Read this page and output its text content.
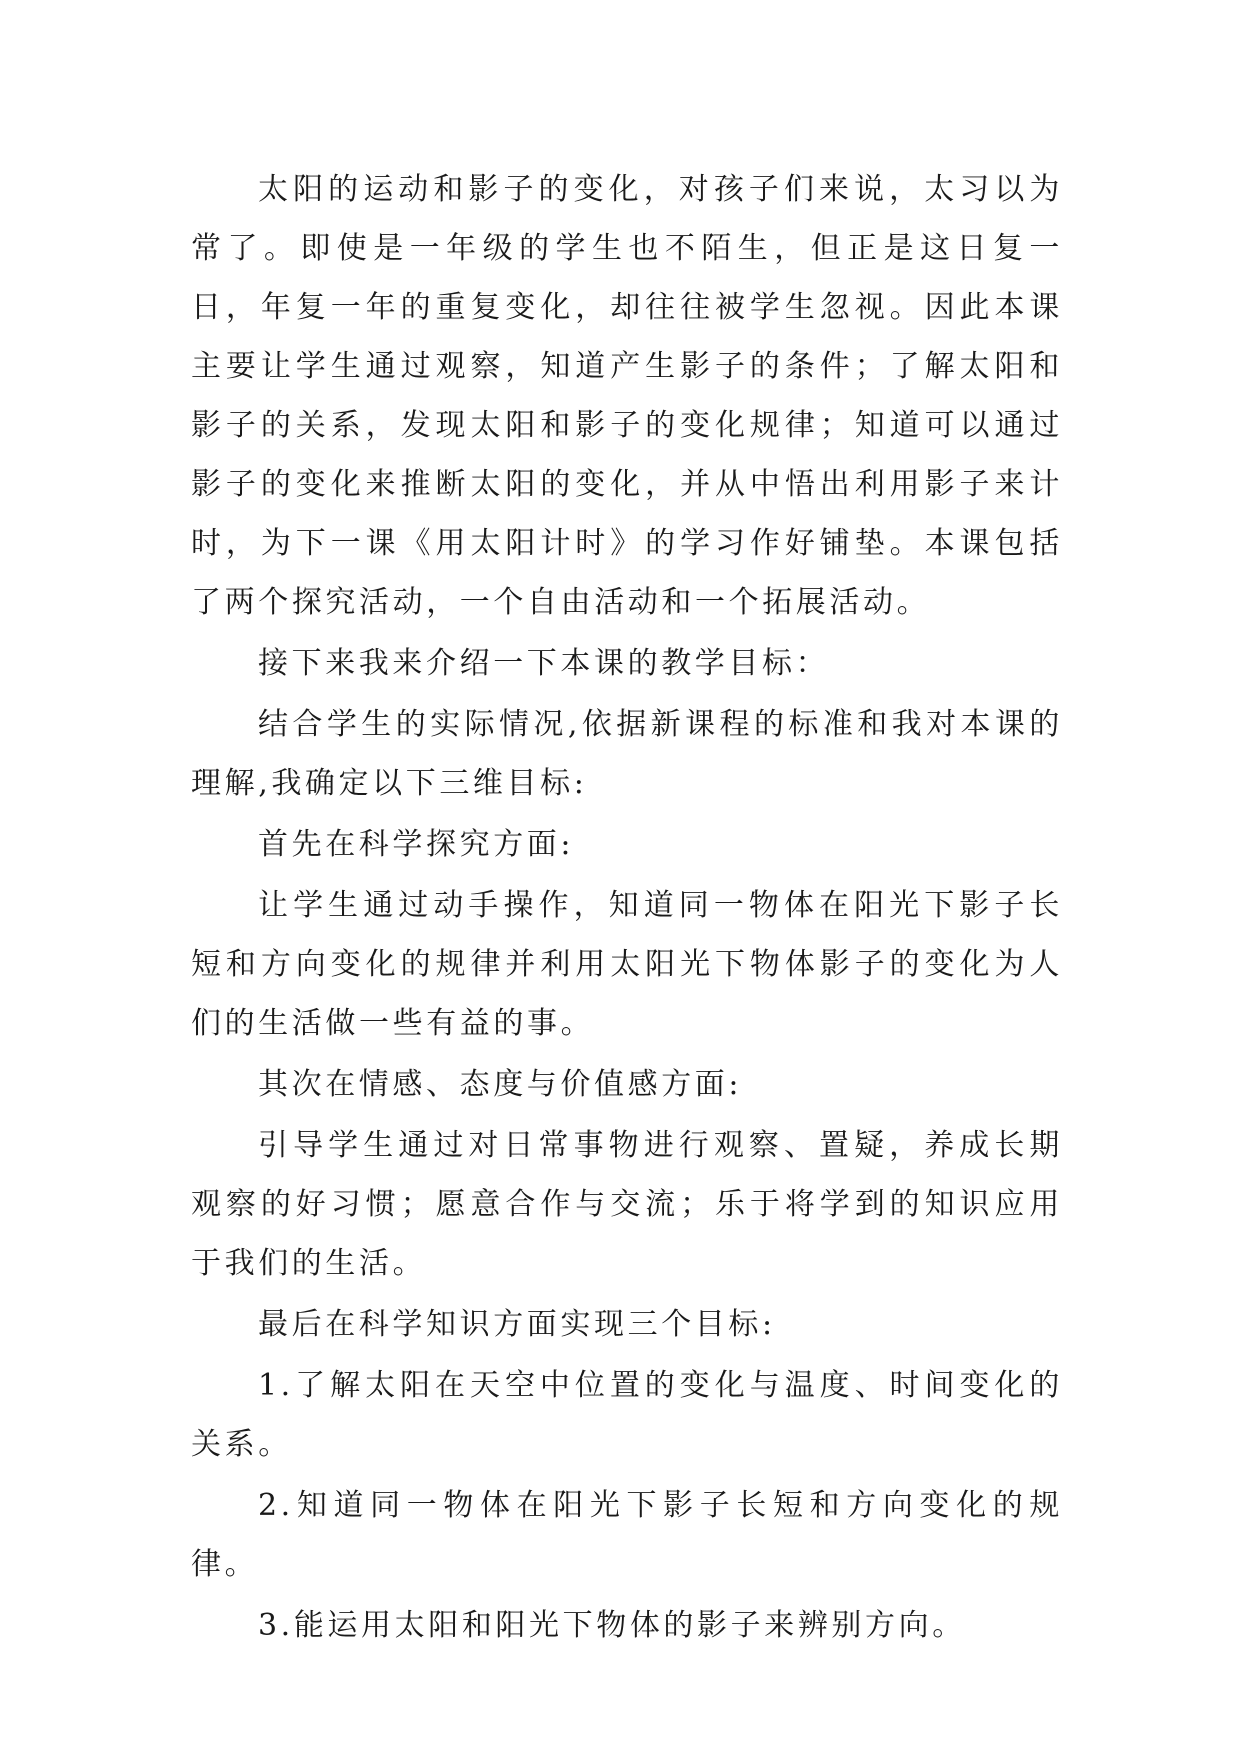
太阳的运动和影子的变化，对孩子们来说，太习以为常了。即使是一年级的学生也不陌生，但正是这日复一日，年复一年的重复变化，却往往被学生忽视。因此本课主要让学生通过观察，知道产生影子的条件；了解太阳和影子的关系，发现太阳和影子的变化规律；知道可以通过影子的变化来推断太阳的变化，并从中悟出利用影子来计时，为下一课《用太阳计时》的学习作好铺垫。本课包括了两个探究活动，一个自由活动和一个拓展活动。

接下来我来介绍一下本课的教学目标：

结合学生的实际情况,依据新课程的标准和我对本课的理解,我确定以下三维目标:

首先在科学探究方面:

让学生通过动手操作，知道同一物体在阳光下影子长短和方向变化的规律并利用太阳光下物体影子的变化为人们的生活做一些有益的事。

其次在情感、态度与价值感方面:

引导学生通过对日常事物进行观察、置疑，养成长期观察的好习惯；愿意合作与交流；乐于将学到的知识应用于我们的生活。

最后在科学知识方面实现三个目标:

1.了解太阳在天空中位置的变化与温度、时间变化的关系。

2.知道同一物体在阳光下影子长短和方向变化的规律。

3.能运用太阳和阳光下物体的影子来辨别方向。
